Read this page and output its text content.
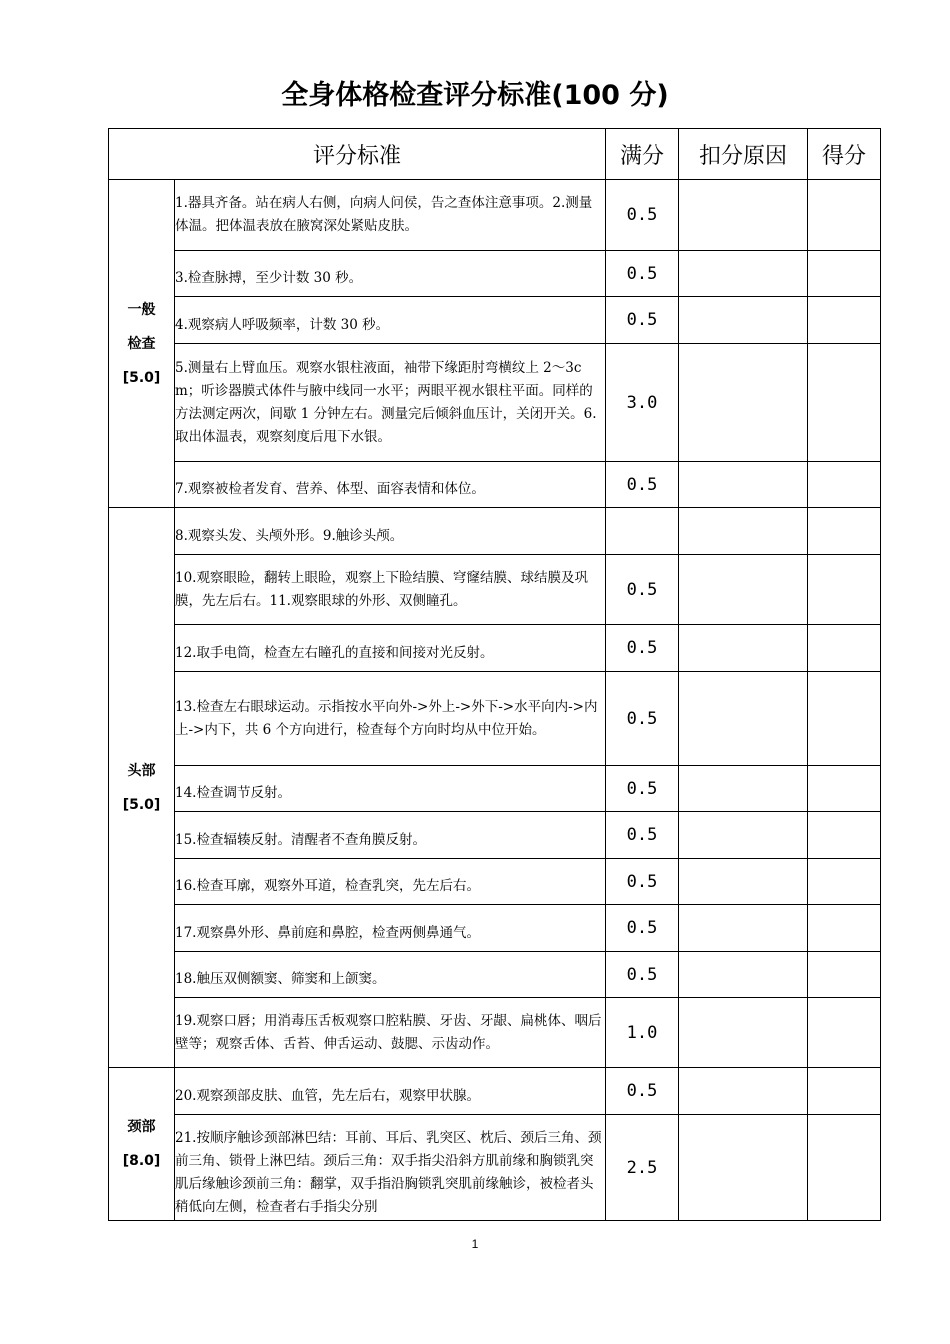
全身体格检查评分标准(100 分)
评分标准		满分	扣分原因	得分

一般
检查
[5.0]	1.器具齐备。站在病人右侧，向病人问侯，告之查体注意事项。2.测量体温。把体温表放在腋窝深处紧贴皮肤。	0.5		
	3.检查脉搏，至少计数 30 秒。	0.5		
	4.观察病人呼吸频率，计数 30 秒。	0.5		
	5.测量右上臂血压。观察水银柱液面，袖带下缘距肘弯横纹上 2～3cm；听诊器膜式体件与腋中线同一水平；两眼平视水银柱平面。同样的方法测定两次，间歇 1 分钟左右。测量完后倾斜血压计，关闭开关。6.取出体温表，观察刻度后甩下水银。	3.0		
	7.观察被检者发育、营养、体型、面容表情和体位。	0.5		

头部
[5.0]	8.观察头发、头颅外形。9.触诊头颅。			
	10.观察眼睑，翻转上眼睑，观察上下睑结膜、穹窿结膜、球结膜及巩膜，先左后右。11.观察眼球的外形、双侧瞳孔。	0.5		
	12.取手电筒，检查左右瞳孔的直接和间接对光反射。	0.5		
	13.检查左右眼球运动。示指按水平向外->外上->外下->水平向内->内上->内下，共 6 个方向进行，检查每个方向时均从中位开始。	0.5		
	14.检查调节反射。	0.5		
	15.检查辐辏反射。清醒者不查角膜反射。	0.5		
	16.检查耳廓，观察外耳道，检查乳突，先左后右。	0.5		
	17.观察鼻外形、鼻前庭和鼻腔，检查两侧鼻通气。	0.5		
	18.触压双侧额窦、筛窦和上颌窦。	0.5		
	19.观察口唇；用消毒压舌板观察口腔粘膜、牙齿、牙龈、扁桃体、咽后壁等；观察舌体、舌苔、伸舌运动、鼓腮、示齿动作。	1.0		

颈部
[8.0]	20.观察颈部皮肤、血管，先左后右，观察甲状腺。	0.5		
	21.按顺序触诊颈部淋巴结：耳前、耳后、乳突区、枕后、颈后三角、颈前三角、锁骨上淋巴结。颈后三角：双手指尖沿斜方肌前缘和胸锁乳突肌后缘触诊颈前三角：翻掌，双手指沿胸锁乳突肌前缘触诊，被检者头稍低向左侧，检查者右手指尖分别	2.5		
1
